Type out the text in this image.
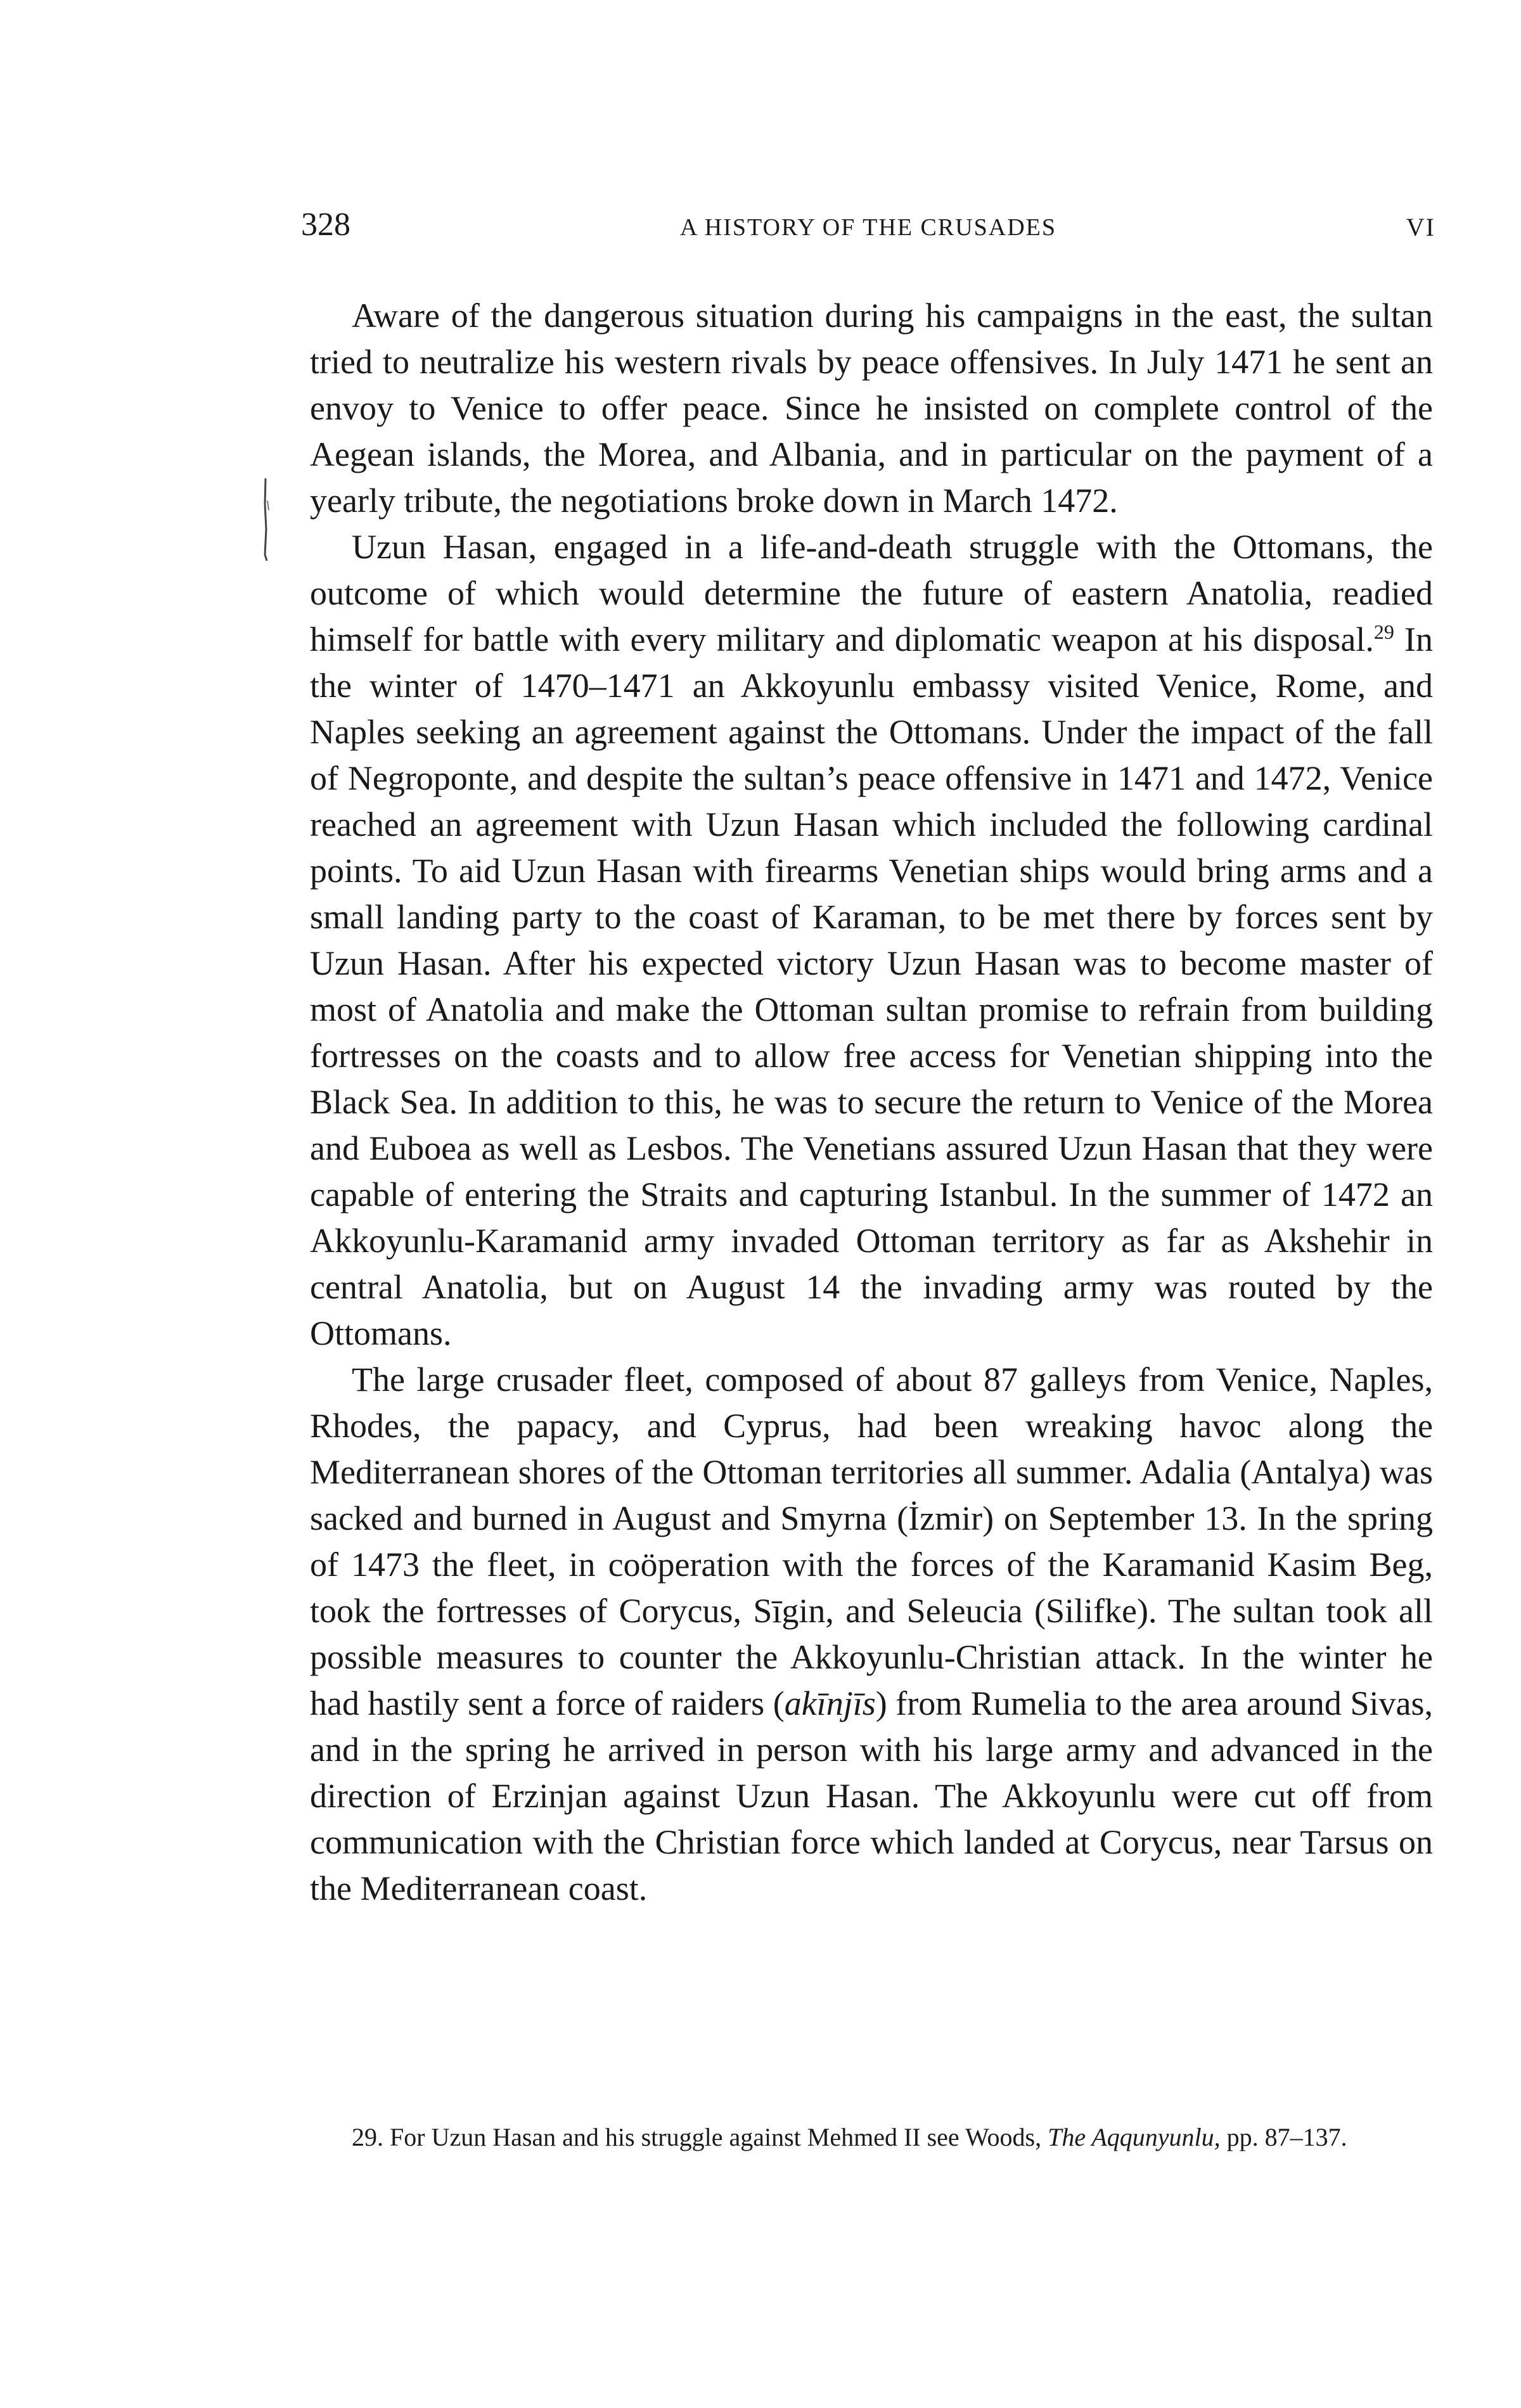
328	A HISTORY OF THE CRUSADES	VI

Aware of the dangerous situation during his campaigns in the east, the sultan tried to neutralize his western rivals by peace offensives. In July 1471 he sent an envoy to Venice to offer peace. Since he insisted on complete control of the Aegean islands, the Morea, and Albania, and in particular on the payment of a yearly tribute, the negotiations broke down in March 1472.

Uzun Hasan, engaged in a life-and-death struggle with the Ottomans, the outcome of which would determine the future of eastern Anatolia, readied himself for battle with every military and diplomatic weapon at his disposal.$^{29}$ In the winter of 1470–1471 an Akkoyunlu embassy visited Venice, Rome, and Naples seeking an agreement against the Ottomans. Under the impact of the fall of Negroponte, and despite the sultan’s peace offensive in 1471 and 1472, Venice reached an agreement with Uzun Hasan which included the following cardinal points. To aid Uzun Hasan with firearms Venetian ships would bring arms and a small landing party to the coast of Karaman, to be met there by forces sent by Uzun Hasan. After his expected victory Uzun Hasan was to become master of most of Anatolia and make the Ottoman sultan promise to refrain from building fortresses on the coasts and to allow free access for Venetian shipping into the Black Sea. In addition to this, he was to secure the return to Venice of the Morea and Euboea as well as Lesbos. The Venetians assured Uzun Hasan that they were capable of entering the Straits and capturing Istanbul. In the summer of 1472 an Akkoyunlu-Karamanid army invaded Ottoman territory as far as Akshehir in central Anatolia, but on August 14 the invading army was routed by the Ottomans.

The large crusader fleet, composed of about 87 galleys from Venice, Naples, Rhodes, the papacy, and Cyprus, had been wreaking havoc along the Mediterranean shores of the Ottoman territories all summer. Adalia (Antalya) was sacked and burned in August and Smyrna (İzmir) on September 13. In the spring of 1473 the fleet, in coöperation with the forces of the Karamanid Kasim Beg, took the fortresses of Corycus, Sīgin, and Seleucia (Silifke). The sultan took all possible measures to counter the Akkoyunlu-Christian attack. In the winter he had hastily sent a force of raiders (akīnjīs) from Rumelia to the area around Sivas, and in the spring he arrived in person with his large army and advanced in the direction of Erzinjan against Uzun Hasan. The Akkoyunlu were cut off from communication with the Christian force which landed at Corycus, near Tarsus on the Mediterranean coast.

29. For Uzun Hasan and his struggle against Mehmed II see Woods, The Aqqunyunlu, pp. 87–137.
